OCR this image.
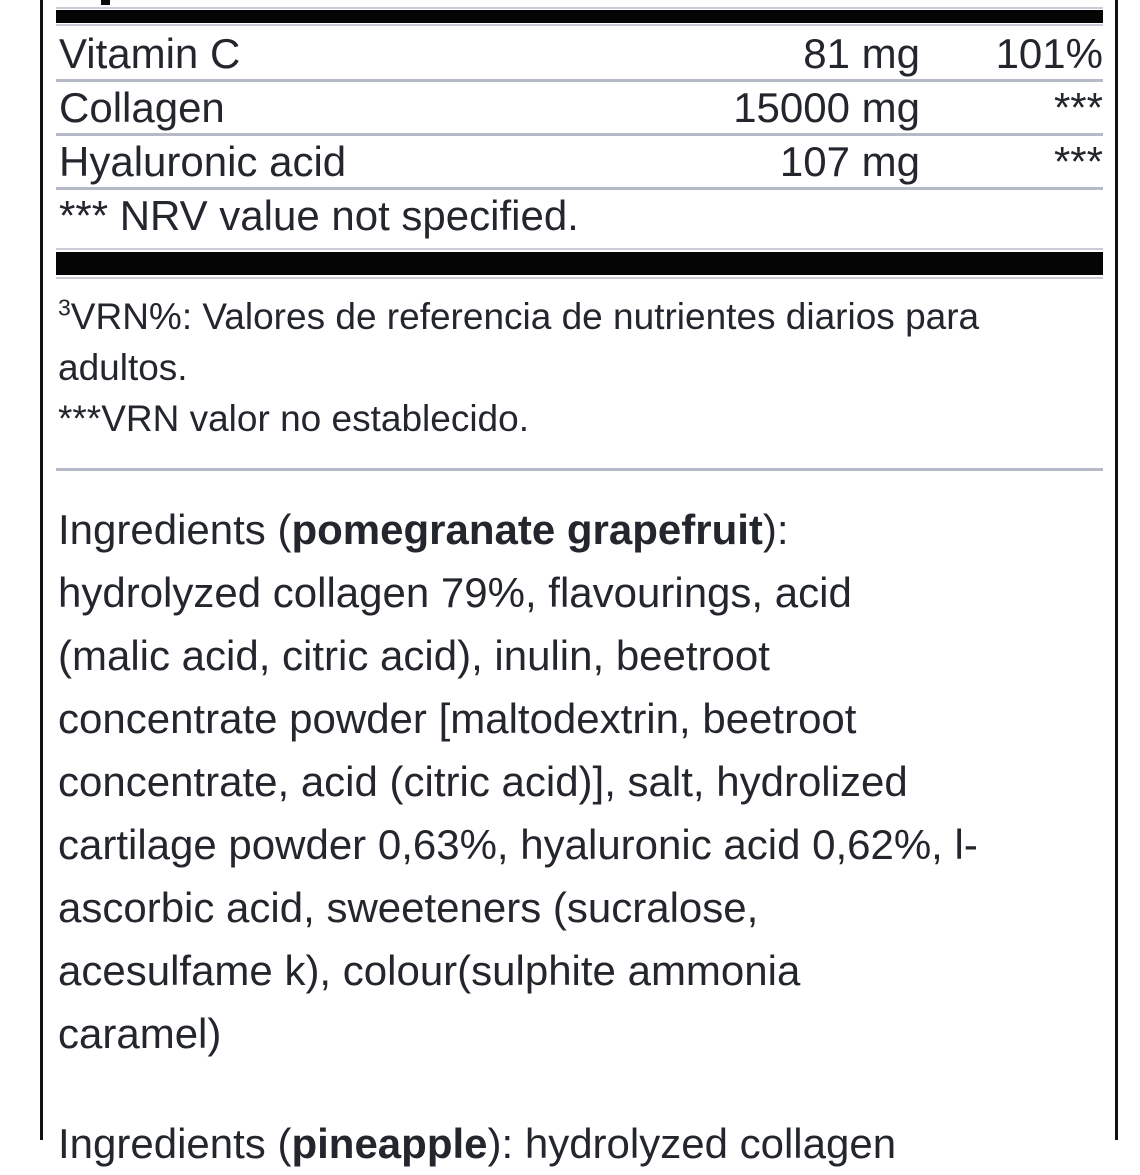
Vitamin C	81 mg	101%
Collagen	15000 mg	***
Hyaluronic acid	107 mg	***
*** NRV value not specified.
$^3$VRN%: Valores de referencia de nutrientes diarios para
adultos.
***VRN valor no establecido.
Ingredients (pomegranate grapefruit):
hydrolyzed collagen 79%, flavourings, acid
(malic acid, citric acid), inulin, beetroot
concentrate powder [maltodextrin, beetroot
concentrate, acid (citric acid)], salt, hydrolized
cartilage powder 0,63%, hyaluronic acid 0,62%, l-
ascorbic acid, sweeteners (sucralose,
acesulfame k), colour(sulphite ammonia
caramel)
Ingredients (pineapple): hydrolyzed collagen
